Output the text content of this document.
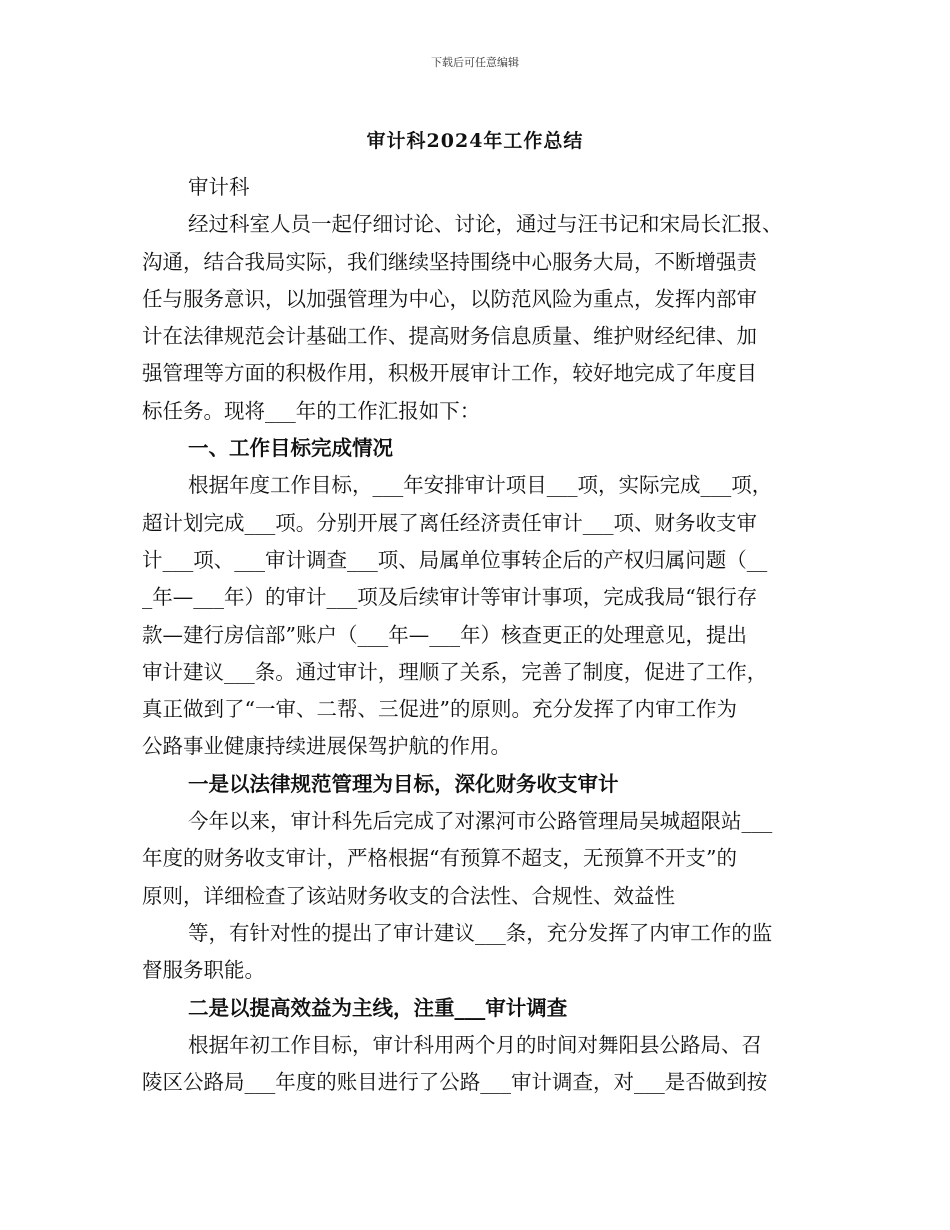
下载后可任意编辑
审计科2024年工作总结
审计科
经过科室人员一起仔细讨论、讨论，通过与汪书记和宋局长汇报、
沟通，结合我局实际，我们继续坚持围绕中心服务大局，不断增强责
任与服务意识，以加强管理为中心，以防范风险为重点，发挥内部审
计在法律规范会计基础工作、提高财务信息质量、维护财经纪律、加
强管理等方面的积极作用，积极开展审计工作，较好地完成了年度目
标任务。现将___年的工作汇报如下：
一、工作目标完成情况
根据年度工作目标，___年安排审计项目___项，实际完成___项，
超计划完成___项。分别开展了离任经济责任审计___项、财务收支审
计___项、___审计调查___项、局属单位事转企后的产权归属问题（__
_年—___年）的审计___项及后续审计等审计事项，完成我局“银行存
款—建行房信部”账户（___年—___年）核查更正的处理意见，提出
审计建议___条。通过审计，理顺了关系，完善了制度，促进了工作，
真正做到了“一审、二帮、三促进”的原则。充分发挥了内审工作为
公路事业健康持续进展保驾护航的作用。
一是以法律规范管理为目标，深化财务收支审计
今年以来，审计科先后完成了对漯河市公路管理局吴城超限站___
年度的财务收支审计，严格根据“有预算不超支，无预算不开支”的
原则，详细检查了该站财务收支的合法性、合规性、效益性
等，有针对性的提出了审计建议___条，充分发挥了内审工作的监
督服务职能。
二是以提高效益为主线，注重___审计调查
根据年初工作目标，审计科用两个月的时间对舞阳县公路局、召
陵区公路局___年度的账目进行了公路___审计调查，对___是否做到按
